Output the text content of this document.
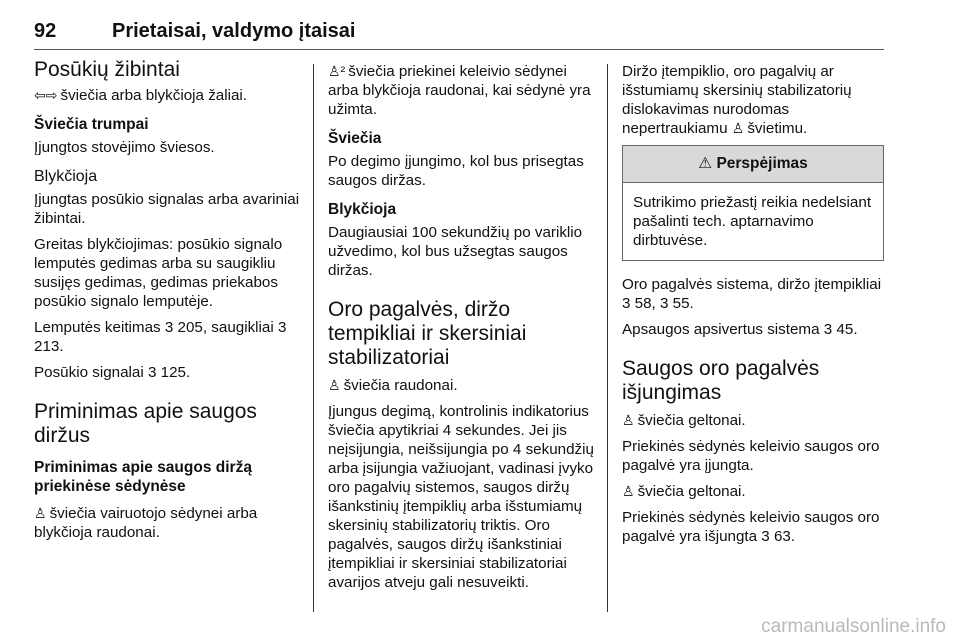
92	Prietaisai, valdymo įtaisai
Posūkių žibintai

⇦⇨ šviečia arba blykčioja žaliai.

Šviečia trumpai

Įjungtos stovėjimo šviesos.

Blykčioja

Įjungtas posūkio signalas arba avariniai žibintai.

Greitas blykčiojimas: posūkio signalo lemputės gedimas arba su saugikliu susijęs gedimas, gedimas priekabos posūkio signalo lemputėje.

Lemputės keitimas 3 205, saugikliai 3 213.

Posūkio signalai 3 125.

Priminimas apie saugos diržus
Priminimas apie saugos diržą priekinėse sėdynėse

♙ šviečia vairuotojo sėdynei arba blykčioja raudonai.

♙² šviečia priekinei keleivio sėdynei arba blykčioja raudonai, kai sėdynė yra užimta.

Šviečia

Po degimo įjungimo, kol bus prisegtas saugos diržas.

Blykčioja

Daugiausiai 100 sekundžių po variklio užvedimo, kol bus užsegtas saugos diržas.

Oro pagalvės, diržo tempikliai ir skersiniai stabilizatoriai

♙ šviečia raudonai.

Įjungus degimą, kontrolinis indikatorius šviečia apytikriai 4 sekundes. Jei jis neįsijungia, neišsijungia po 4 sekundžių arba įsijungia važiuojant, vadinasi įvyko oro pagalvių sistemos, saugos diržų išankstinių įtempiklių arba išstumiamų skersinių stabilizatorių triktis. Oro pagalvės, saugos diržų išankstiniai įtempikliai ir skersiniai stabilizatoriai avarijos atveju gali nesuveikti.

Diržo įtempiklio, oro pagalvių ar išstumiamų skersinių stabilizatorių dislokavimas nurodomas nepertraukiamu ♙ švietimu.

⚠ Perspėjimas
Sutrikimo priežastį reikia nedelsiant pašalinti tech. aptarnavimo dirbtuvėse.

Oro pagalvės sistema, diržo įtempikliai 3 58, 3 55.

Apsaugos apsivertus sistema 3 45.

Saugos oro pagalvės išjungimas

♙ šviečia geltonai.

Priekinės sėdynės keleivio saugos oro pagalvė yra įjungta.

♙ šviečia geltonai.

Priekinės sėdynės keleivio saugos oro pagalvė yra išjungta 3 63.

carmanualsonline.info
